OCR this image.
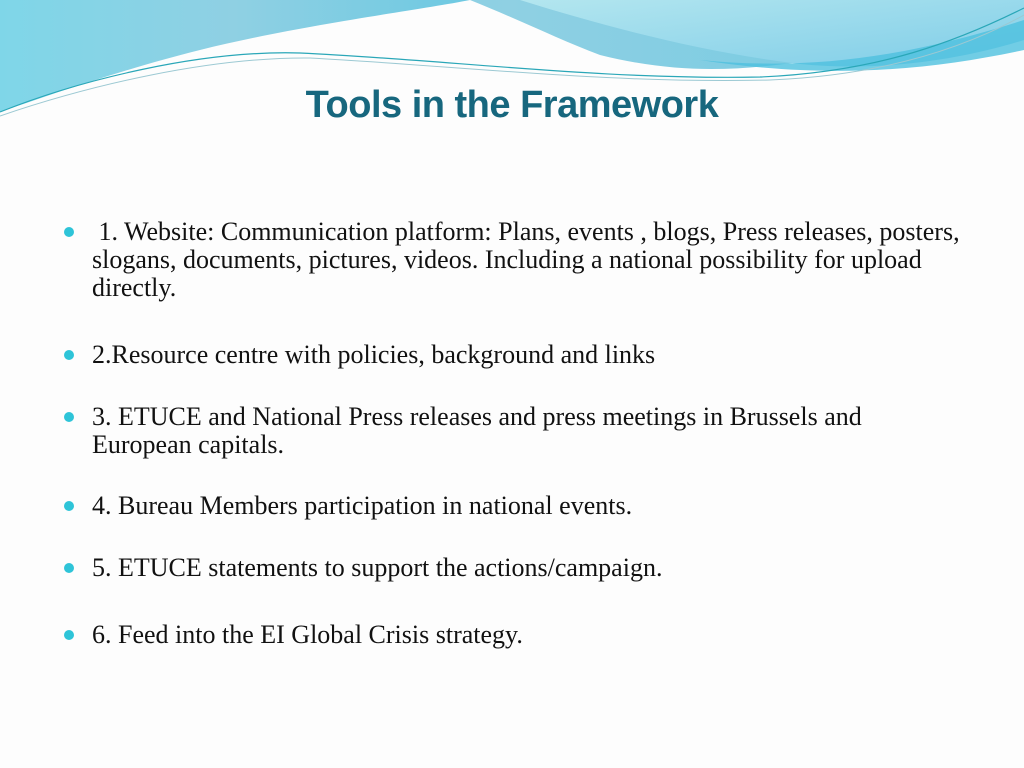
Tools in the Framework
1. Website: Communication platform: Plans, events , blogs, Press releases, posters, slogans, documents, pictures, videos. Including a national possibility for upload directly.
2.Resource centre with policies, background and links
3. ETUCE and National Press releases and press meetings in Brussels and European capitals.
4. Bureau Members participation in national events.
5. ETUCE statements to support the actions/campaign.
6. Feed into the EI Global Crisis strategy.
